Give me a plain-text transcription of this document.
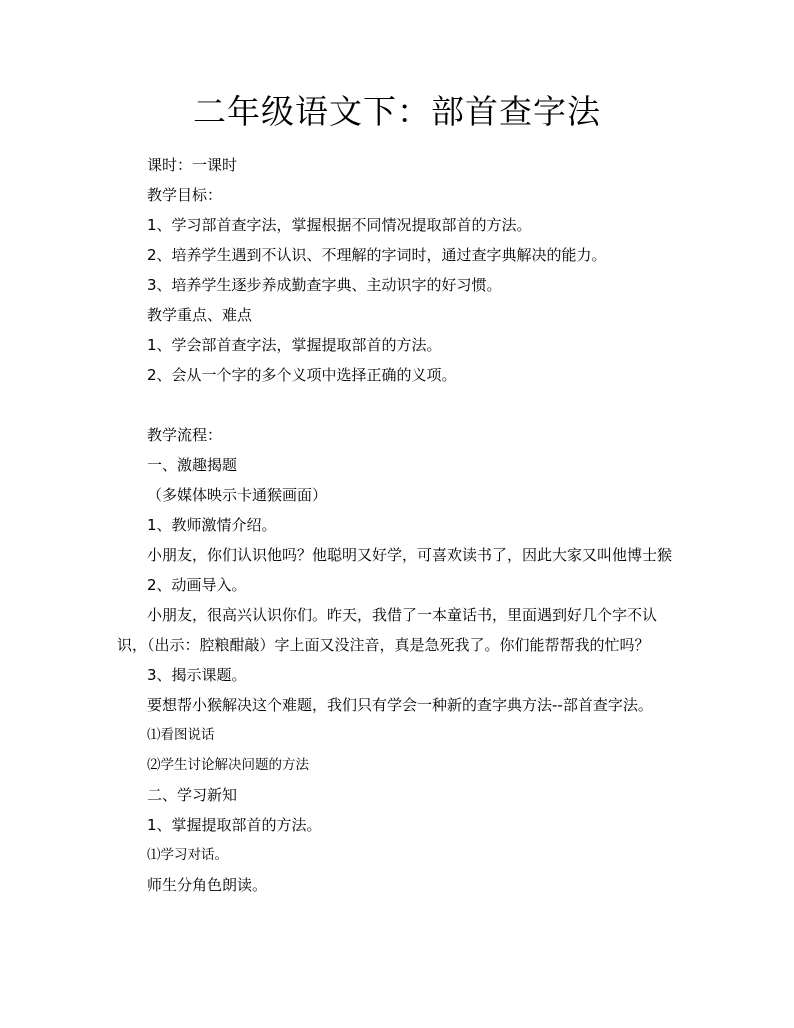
二年级语文下：部首查字法

课时：一课时

教学目标：

1、学习部首查字法，掌握根据不同情况提取部首的方法。

2、培养学生遇到不认识、不理解的字词时，通过查字典解决的能力。

3、培养学生逐步养成勤查字典、主动识字的好习惯。

教学重点、难点

1、学会部首查字法，掌握提取部首的方法。

2、会从一个字的多个义项中选择正确的义项。

教学流程：

一、激趣揭题

（多媒体映示卡通猴画面）

1、教师激情介绍。

小朋友，你们认识他吗？他聪明又好学，可喜欢读书了，因此大家又叫他博士猴

2、动画导入。

小朋友，很高兴认识你们。昨天，我借了一本童话书，里面遇到好几个字不认识，（出示：腔粮酣敲）字上面又没注音，真是急死我了。你们能帮帮我的忙吗？

3、揭示课题。

要想帮小猴解决这个难题，我们只有学会一种新的查字典方法--部首查字法。

⑴看图说话

⑵学生讨论解决问题的方法

二、学习新知

1、掌握提取部首的方法。

⑴学习对话。

师生分角色朗读。
